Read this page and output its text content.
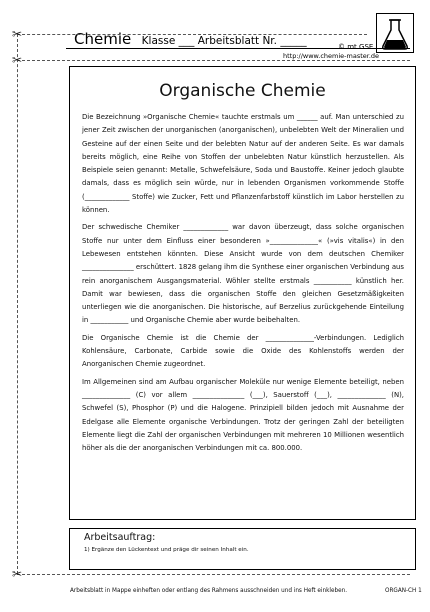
Chemie Klasse ___ Arbeitsblatt Nr. _____	© mt GSE
http://www.chemie-master.de
✂
✂
✂
Organische Chemie

Die Bezeichnung »Organische Chemie« tauchte erstmals um ______ auf. Man unterschied zu jener Zeit zwischen der unorganischen (anorganischen), unbelebten Welt der Mineralien und Gesteine auf der einen Seite und der belebten Natur auf der anderen Seite. Es war damals bereits möglich, eine Reihe von Stoffen der unbelebten Natur künstlich herzustellen. Als Beispiele seien genannt: Metalle, Schwefelsäure, Soda und Baustoffe. Keiner jedoch glaubte damals, dass es möglich sein würde, nur in lebenden Organismen vorkommende Stoffe (_____________ Stoffe) wie Zucker, Fett und Pflanzenfarbstoff künstlich im Labor herstellen zu können.

Der schwedische Chemiker _____________ war davon überzeugt, dass solche organischen Stoffe nur unter dem Einfluss einer besonderen »______________« (»vis vitalis«) in den Lebewesen entstehen könnten. Diese Ansicht wurde von dem deutschen Chemiker _______________ erschüttert. 1828 gelang ihm die Synthese einer organischen Verbindung aus rein anorganischem Ausgangsmaterial. Wöhler stellte erstmals ___________ künstlich her. Damit war bewiesen, dass die organischen Stoffe den gleichen Gesetzmäßigkeiten unterliegen wie die anorganischen. Die historische, auf Berzelius zurückgehende Einteilung in ___________ und Organische Chemie aber wurde beibehalten.

Die Organische Chemie ist die Chemie der ______________-Verbindungen. Lediglich Kohlensäure, Carbonate, Carbide sowie die Oxide des Kohlenstoffs werden der Anorganischen Chemie zugeordnet.

Im Allgemeinen sind am Aufbau organischer Moleküle nur wenige Elemente beteiligt, neben ______________ (C) vor allem _______________ (___), Sauerstoff (___), ______________ (N), Schwefel (S), Phosphor (P) und die Halogene. Prinzipiell bilden jedoch mit Ausnahme der Edelgase alle Elemente organische Verbindungen. Trotz der geringen Zahl der beteiligten Elemente liegt die Zahl der organischen Verbindungen mit mehreren 10 Millionen wesentlich höher als die der anorganischen Verbindungen mit ca. 800.000.

Arbeitsauftrag:
1) Ergänze den Lückentext und präge dir seinen Inhalt ein.
Arbeitsblatt in Mappe einheften oder entlang des Rahmens ausschneiden und ins Heft einkleben.	ORGAN-CH 1
